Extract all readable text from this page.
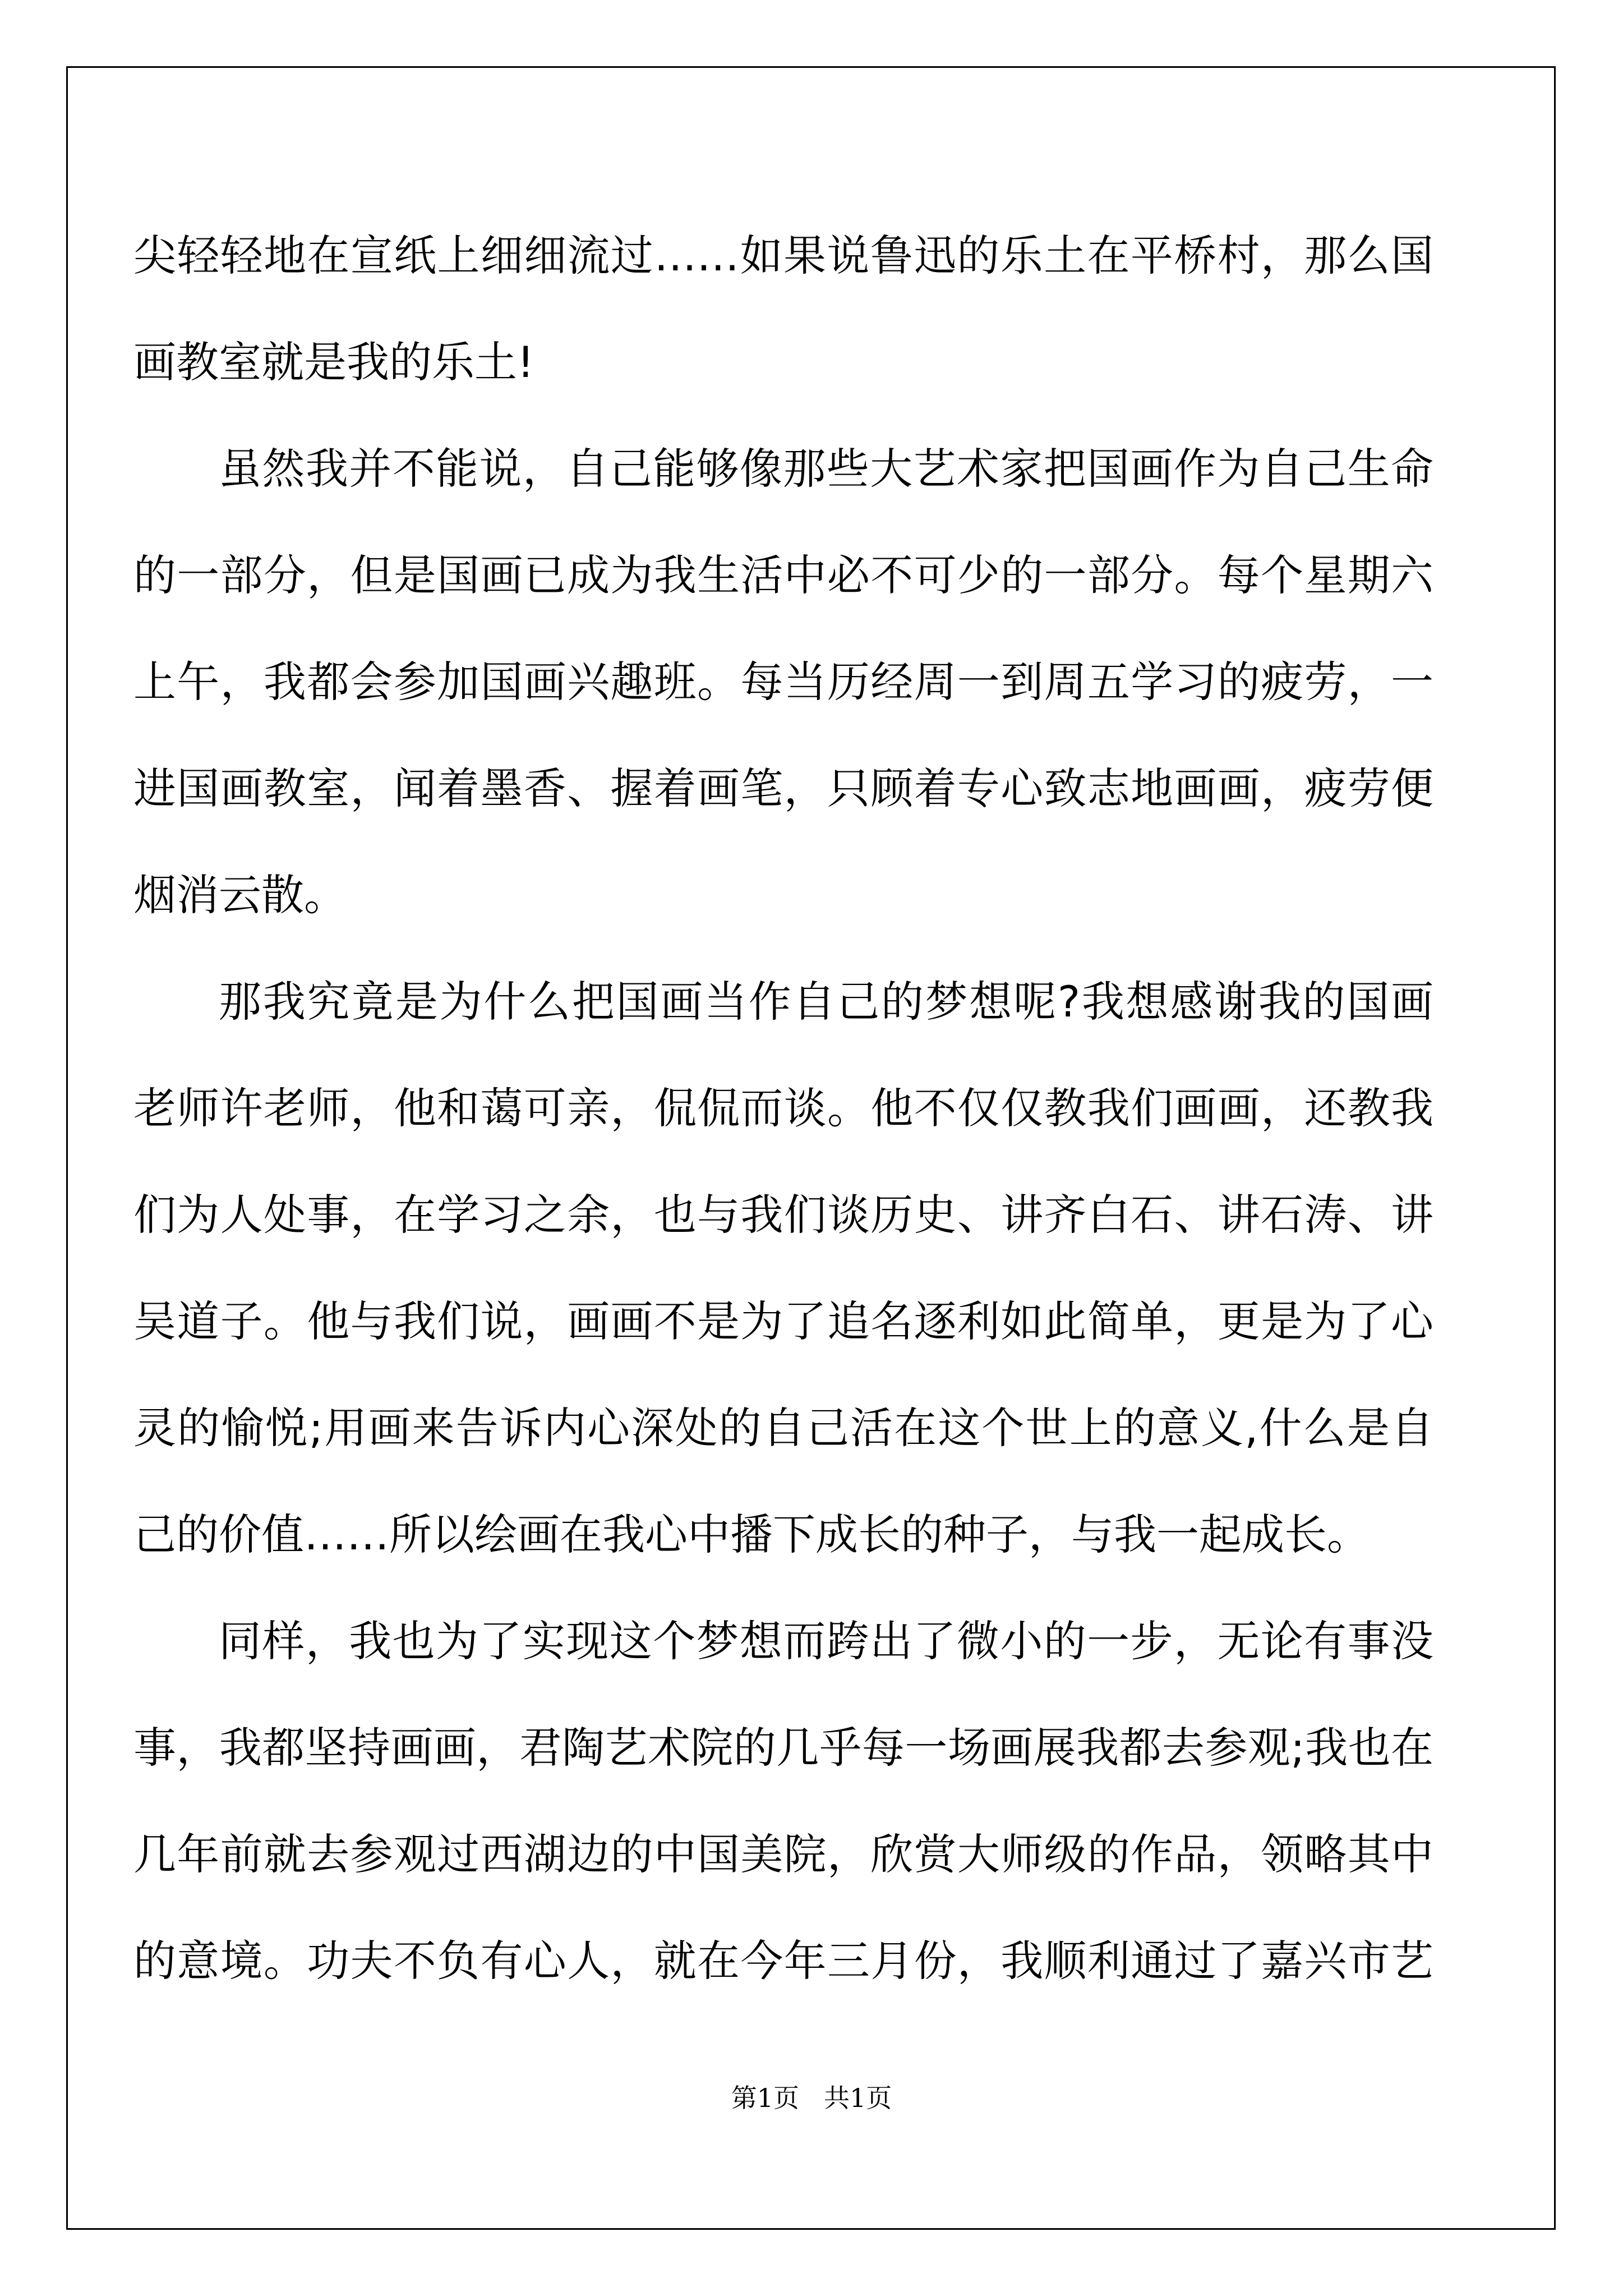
尖轻轻地在宣纸上细细流过……如果说鲁迅的乐土在平桥村，那么国
画教室就是我的乐土!
虽然我并不能说，自己能够像那些大艺术家把国画作为自己生命
的一部分，但是国画已成为我生活中必不可少的一部分。每个星期六
上午，我都会参加国画兴趣班。每当历经周一到周五学习的疲劳，一
进国画教室，闻着墨香、握着画笔，只顾着专心致志地画画，疲劳便
烟消云散。
那我究竟是为什么把国画当作自己的梦想呢?我想感谢我的国画
老师许老师，他和蔼可亲，侃侃而谈。他不仅仅教我们画画，还教我
们为人处事，在学习之余，也与我们谈历史、讲齐白石、讲石涛、讲
吴道子。他与我们说，画画不是为了追名逐利如此简单，更是为了心
灵的愉悦;用画来告诉内心深处的自己活在这个世上的意义,什么是自
己的价值……所以绘画在我心中播下成长的种子，与我一起成长。
同样，我也为了实现这个梦想而跨出了微小的一步，无论有事没
事，我都坚持画画，君陶艺术院的几乎每一场画展我都去参观;我也在
几年前就去参观过西湖边的中国美院，欣赏大师级的作品，领略其中
的意境。功夫不负有心人，就在今年三月份，我顺利通过了嘉兴市艺
第1页 共1页
